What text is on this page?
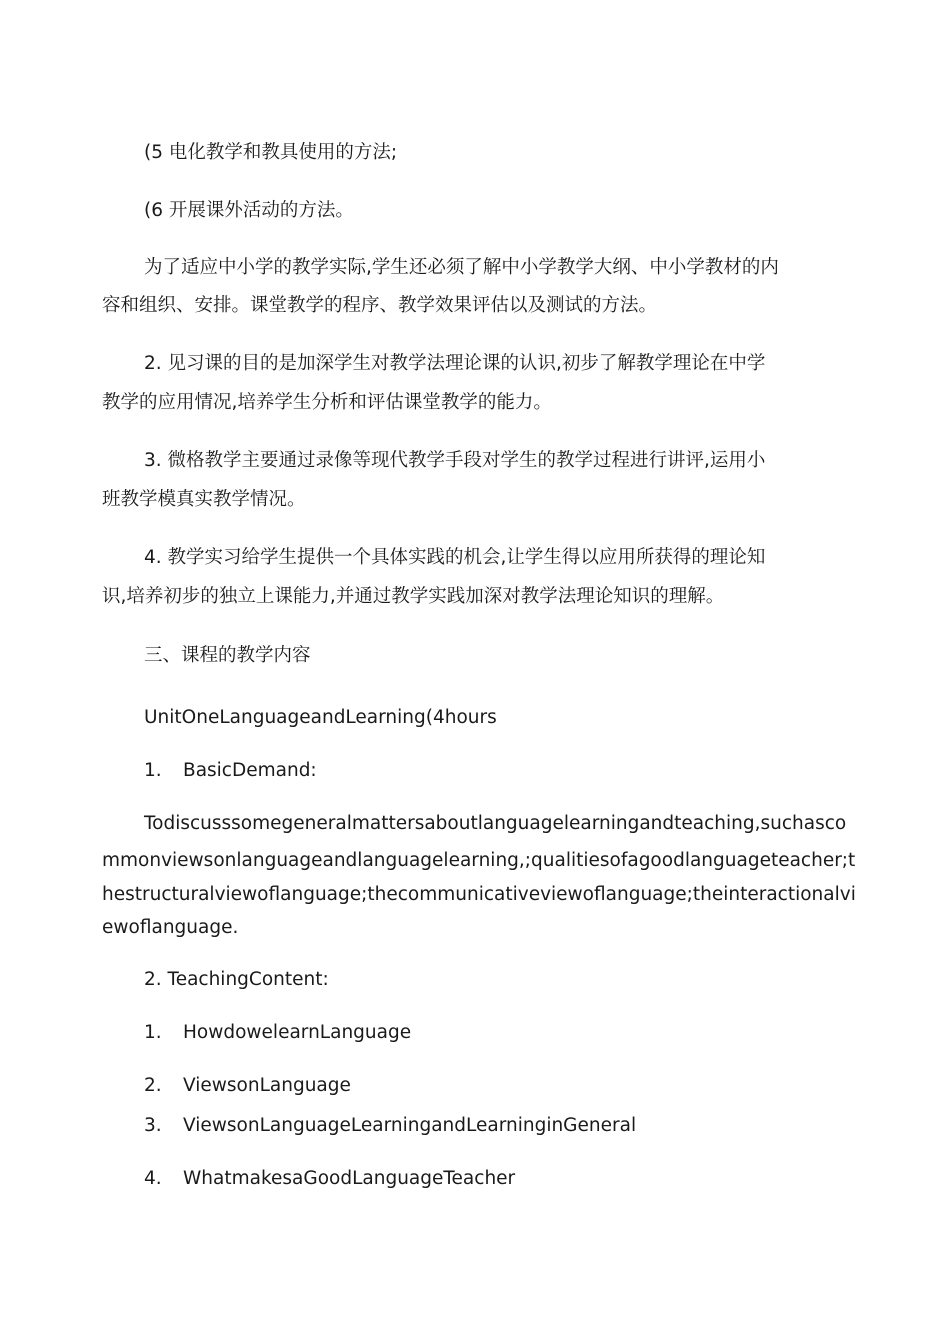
(5 电化教学和教具使用的方法;
(6 开展课外活动的方法。
为了适应中小学的教学实际,学生还必须了解中小学教学大纲、中小学教材的内
容和组织、安排。课堂教学的程序、教学效果评估以及测试的方法。
2. 见习课的目的是加深学生对教学法理论课的认识,初步了解教学理论在中学
教学的应用情况,培养学生分析和评估课堂教学的能力。
3. 微格教学主要通过录像等现代教学手段对学生的教学过程进行讲评,运用小
班教学模真实教学情况。
4. 教学实习给学生提供一个具体实践的机会,让学生得以应用所获得的理论知
识,培养初步的独立上课能力,并通过教学实践加深对教学法理论知识的理解。
三、课程的教学内容
UnitOneLanguageandLearning(4hours
1. BasicDemand:
Todiscusssomegeneralmattersaboutlanguagelearningandteaching,suchasco
mmonviewsonlanguageandlanguagelearning,;qualitiesofagoodlanguageteacher;t
hestructuralviewoflanguage;thecommunicativeviewoflanguage;theinteractionalvi
ewoflanguage.
2. TeachingContent:
1. HowdowelearnLanguage
2. ViewsonLanguage
3. ViewsonLanguageLearningandLearninginGeneral
4. WhatmakesaGoodLanguageTeacher
